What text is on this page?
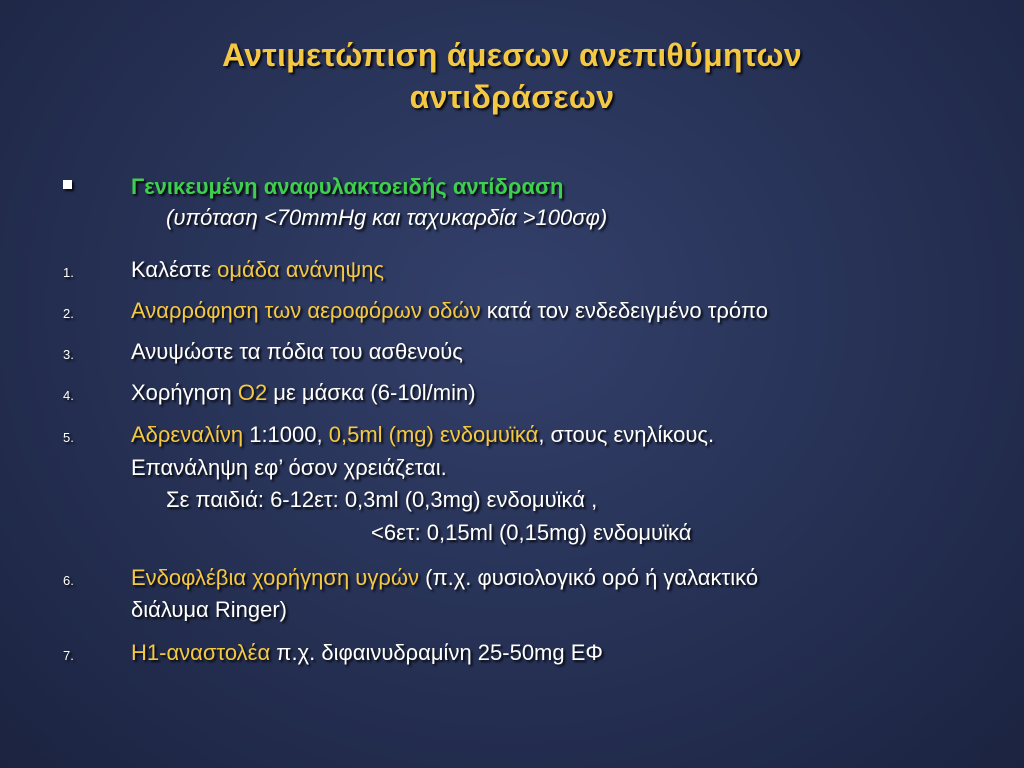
Αντιμετώπιση άμεσων ανεπιθύμητων
αντιδράσεων
Γενικευμένη αναφυλακτοειδής αντίδραση
(υπόταση <70mmHg και ταχυκαρδία >100σφ)
1.	Καλέστε ομάδα ανάνηψης
2.	Αναρρόφηση των αεροφόρων οδών κατά τον ενδεδειγμένο τρόπο
3.	Ανυψώστε τα πόδια του ασθενούς
4.	Χορήγηση O2 με μάσκα (6-10l/min)
5.	Αδρεναλίνη 1:1000, 0,5ml (mg) ενδομυϊκά, στους ενηλίκους.
Επανάληψη εφ’ όσον χρειάζεται.
Σε παιδιά: 6-12ετ: 0,3ml (0,3mg) ενδομυϊκά ,
<6ετ: 0,15ml (0,15mg) ενδομυϊκά
6.	Ενδοφλέβια χορήγηση υγρών (π.χ. φυσιολογικό ορό ή γαλακτικό
διάλυμα Ringer)
7.	H1-αναστολέα π.χ. διφαινυδραμίνη 25-50mg ΕΦ
